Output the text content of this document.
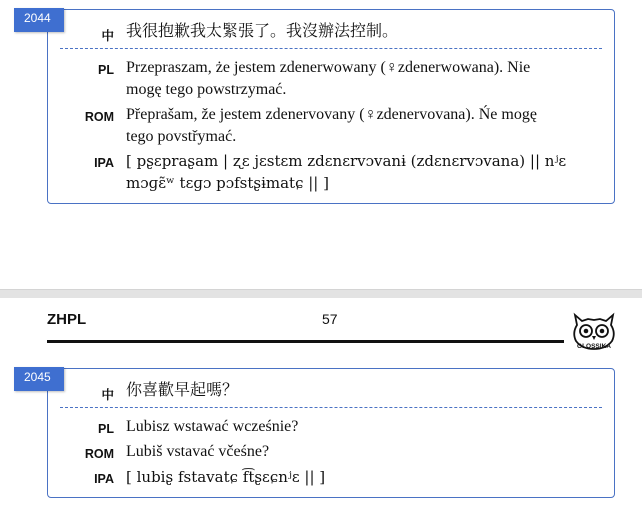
中 我很抱歉我太緊張了。我沒辦法控制。
PL Przepraszam, że jestem zdenerwowany (♀zdenerwowana). Nie
mogę tego powstrzymać.
ROM Přeprašam, že jestem zdenervovany (♀zdenervovana). Ńe mogę
tego povstřymać.
IPA [ pʂɛpraʂam | ʐɛ jɛstɛm zdɛnɛrvɔvanɨ (zdɛnɛrvɔvana) || nʲɛ
mɔɡɛ̃ʷ tɛɡɔ pɔfstʂɨmatɕ || ]
2044
ZHPL	57
GLOSSIKA
中 你喜歡早起嗎？
PL Lubisz wstawać wcześnie?
ROM Lubiš vstavać včeśne?
IPA [ lubiʂ fstavatɕ f͡tʂɛɕnʲɛ || ]
2045
